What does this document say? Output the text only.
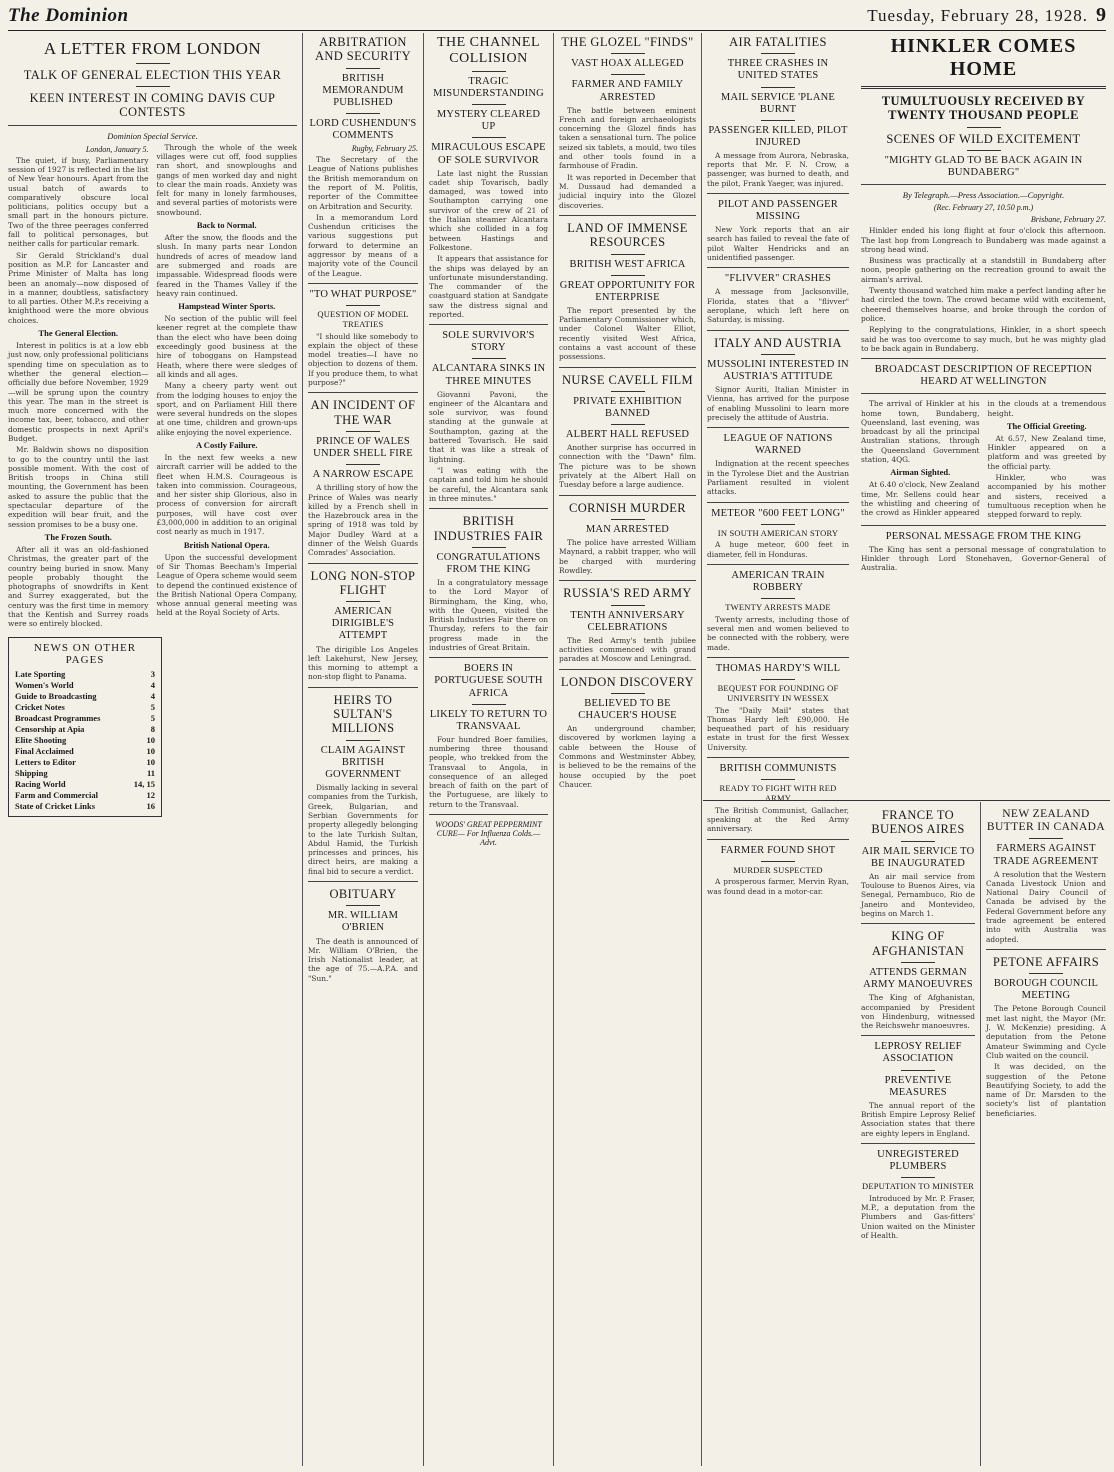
The Dominion	Tuesday, February 28, 1928. 9
A LETTER FROM LONDON
TALK OF GENERAL ELECTION THIS YEAR
KEEN INTEREST IN COMING DAVIS CUP CONTESTS
Dominion Special Service.
London, January 5.

The quiet, if busy, Parliamentary session of 1927 is reflected in the list of New Year honours. Apart from the usual batch of awards to comparatively obscure local politicians, politics occupy but a small part in the honours picture. Two of the three peerages conferred fall to political personages, but neither calls for particular remark.

Sir Gerald Strickland's dual position as M.P. for Lancaster and Prime Minister of Malta has long been an anomaly—now disposed of in a manner, doubtless, satisfactory to all parties. Other M.P.s receiving a knighthood were the more obvious choices.

The General Election.

Interest in politics is at a low ebb just now, only professional politicians spending time on speculation as to whether the general election—officially due before November, 1929—will be sprung upon the country this year. The man in the street is much more concerned with the income tax, beer, tobacco, and other domestic prospects in next April's Budget.

Mr. Baldwin shows no disposition to go to the country until the last possible moment. With the cost of British troops in China still mounting, the Government has been asked to assure the public that the spectacular departure of the expedition will bear fruit, and the session promises to be a busy one.

The Frozen South.

After all it was an old-fashioned Christmas, the greater part of the country being buried in snow. Many people probably thought the photographs of snowdrifts in Kent and Surrey exaggerated, but the century was the first time in memory that the Kentish and Surrey roads were so entirely blocked.

Through the whole of the week villages were cut off, food supplies ran short, and snowploughs and gangs of men worked day and night to clear the main roads. Anxiety was felt for many in lonely farmhouses, and several parties of motorists were snowbound.

Back to Normal.

After the snow, the floods and the slush. In many parts near London hundreds of acres of meadow land are submerged and roads are impassable. Widespread floods were feared in the Thames Valley if the heavy rain continued.

Hampstead Winter Sports.

No section of the public will feel keener regret at the complete thaw than the elect who have been doing exceedingly good business at the hire of toboggans on Hampstead Heath, where there were sledges of all kinds and all ages.

Many a cheery party went out from the lodging houses to enjoy the sport, and on Parliament Hill there were several hundreds on the slopes at one time, children and grown-ups alike enjoying the novel experience.

A Costly Failure.

In the next few weeks a new aircraft carrier will be added to the fleet when H.M.S. Courageous is taken into commission. Courageous, and her sister ship Glorious, also in process of conversion for aircraft purposes, will have cost over £3,000,000 in addition to an original cost nearly as much in 1917.

British National Opera.

Upon the successful development of Sir Thomas Beecham's Imperial League of Opera scheme would seem to depend the continued existence of the British National Opera Company, whose annual general meeting was held at the Royal Society of Arts.

NEWS ON OTHER PAGES
Late Sporting	3
Women's World	4
Guide to Broadcasting	4
Cricket Notes	5
Broadcast Programmes	5
Censorship at Apia	8
Elite Shooting	10
Final Acclaimed	10
Letters to Editor	10
Shipping	11
Racing World	14, 15
Farm and Commercial	12
State of Cricket Links	16
ARBITRATION AND SECURITY
BRITISH MEMORANDUM PUBLISHED
LORD CUSHENDUN'S COMMENTS
Rugby, February 25.

The Secretary of the League of Nations publishes the British memorandum on the report of M. Politis, reporter of the Committee on Arbitration and Security.

In a memorandum Lord Cushendun criticises the various suggestions put forward to determine an aggressor by means of a majority vote of the Council of the League.

"TO WHAT PURPOSE"
QUESTION OF MODEL TREATIES

"I should like somebody to explain the object of these model treaties—I have no objection to dozens of them. If you produce them, to what purpose?"

AN INCIDENT OF THE WAR
PRINCE OF WALES UNDER SHELL FIRE
A NARROW ESCAPE

A thrilling story of how the Prince of Wales was nearly killed by a French shell in the Hazebrouck area in the spring of 1918 was told by Major Dudley Ward at a dinner of the Welsh Guards Comrades' Association.

LONG NON-STOP FLIGHT
AMERICAN DIRIGIBLE'S ATTEMPT

The dirigible Los Angeles left Lakehurst, New Jersey, this morning to attempt a non-stop flight to Panama.

HEIRS TO SULTAN'S MILLIONS
CLAIM AGAINST BRITISH GOVERNMENT

Dismally lacking in several companies from the Turkish, Greek, Bulgarian, and Serbian Governments for property allegedly belonging to the late Turkish Sultan, Abdul Hamid, the Turkish princesses and princes, his direct heirs, are making a final bid to secure a verdict.

OBITUARY
MR. WILLIAM O'BRIEN

The death is announced of Mr. William O'Brien, the Irish Nationalist leader, at the age of 75.—A.P.A. and "Sun."

THE CHANNEL COLLISION
TRAGIC MISUNDERSTANDING
MYSTERY CLEARED UP
MIRACULOUS ESCAPE OF SOLE SURVIVOR

Late last night the Russian cadet ship Tovarisch, badly damaged, was towed into Southampton carrying one survivor of the crew of 21 of the Italian steamer Alcantara which she collided in a fog between Hastings and Folkestone.

It appears that assistance for the ships was delayed by an unfortunate misunderstanding. The commander of the coastguard station at Sandgate saw the distress signal and reported.

SOLE SURVIVOR'S STORY
ALCANTARA SINKS IN THREE MINUTES

Giovanni Pavoni, the engineer of the Alcantara and sole survivor, was found standing at the gunwale at Southampton, gazing at the battered Tovarisch. He said that it was like a streak of lightning.

"I was eating with the captain and told him he should be careful, the Alcantara sank in three minutes."

BRITISH INDUSTRIES FAIR
CONGRATULATIONS FROM THE KING

In a congratulatory message to the Lord Mayor of Birmingham, the King, who, with the Queen, visited the British Industries Fair there on Thursday, refers to the fair progress made in the industries of Great Britain.

BOERS IN PORTUGUESE SOUTH AFRICA
LIKELY TO RETURN TO TRANSVAAL

Four hundred Boer families, numbering three thousand people, who trekked from the Transvaal to Angola, in consequence of an alleged breach of faith on the part of the Portuguese, are likely to return to the Transvaal.

WOODS' GREAT PEPPERMINT CURE— For Influenza Colds.—Advt.
THE GLOZEL "FINDS"
VAST HOAX ALLEGED
FARMER AND FAMILY ARRESTED

The battle between eminent French and foreign archaeologists concerning the Glozel finds has taken a sensational turn. The police seized six tablets, a mould, two tiles and other tools found in a farmhouse of Fradin.

It was reported in December that M. Dussaud had demanded a judicial inquiry into the Glozel discoveries.

LAND OF IMMENSE RESOURCES
BRITISH WEST AFRICA
GREAT OPPORTUNITY FOR ENTERPRISE

The report presented by the Parliamentary Commissioner which, under Colonel Walter Elliot, recently visited West Africa, contains a vast account of these possessions.

NURSE CAVELL FILM
PRIVATE EXHIBITION BANNED
ALBERT HALL REFUSED

Another surprise has occurred in connection with the "Dawn" film. The picture was to be shown privately at the Albert Hall on Tuesday before a large audience.

CORNISH MURDER
MAN ARRESTED

The police have arrested William Maynard, a rabbit trapper, who will be charged with murdering Rowdley.

RUSSIA'S RED ARMY
TENTH ANNIVERSARY CELEBRATIONS

The Red Army's tenth jubilee activities commenced with grand parades at Moscow and Leningrad.

LONDON DISCOVERY
BELIEVED TO BE CHAUCER'S HOUSE

An underground chamber, discovered by workmen laying a cable between the House of Commons and Westminster Abbey, is believed to be the remains of the house occupied by the poet Chaucer.

AIR FATALITIES
THREE CRASHES IN UNITED STATES
MAIL SERVICE 'PLANE BURNT
PASSENGER KILLED, PILOT INJURED

A message from Aurora, Nebraska, reports that Mr. F. N. Crow, a passenger, was burned to death, and the pilot, Frank Yaeger, was injured.

PILOT AND PASSENGER MISSING

New York reports that an air search has failed to reveal the fate of pilot Walter Hendricks and an unidentified passenger.

"FLIVVER" CRASHES

A message from Jacksonville, Florida, states that a "flivver" aeroplane, which left here on Saturday, is missing.

ITALY AND AUSTRIA
MUSSOLINI INTERESTED IN AUSTRIA'S ATTITUDE

Signor Auriti, Italian Minister in Vienna, has arrived for the purpose of enabling Mussolini to learn more precisely the attitude of Austria.

LEAGUE OF NATIONS WARNED

Indignation at the recent speeches in the Tyrolese Diet and the Austrian Parliament resulted in violent attacks.

METEOR "600 FEET LONG"
IN SOUTH AMERICAN STORY

A huge meteor, 600 feet in diameter, fell in Honduras.

AMERICAN TRAIN ROBBERY
TWENTY ARRESTS MADE

Twenty arrests, including those of several men and women believed to be connected with the robbery, were made.

THOMAS HARDY'S WILL
BEQUEST FOR FOUNDING OF UNIVERSITY IN WESSEX

The "Daily Mail" states that Thomas Hardy left £90,000. He bequeathed part of his residuary estate in trust for the first Wessex University.

BRITISH COMMUNISTS
READY TO FIGHT WITH RED ARMY

The British Communist, Gallacher, speaking at the Red Army anniversary.

FARMER FOUND SHOT
MURDER SUSPECTED

A prosperous farmer, Mervin Ryan, was found dead in a motor-car.

HINKLER COMES HOME
TUMULTUOUSLY RECEIVED BY TWENTY THOUSAND PEOPLE
SCENES OF WILD EXCITEMENT
"MIGHTY GLAD TO BE BACK AGAIN IN BUNDABERG"
By Telegraph.—Press Association.—Copyright.
(Rec. February 27, 10.50 p.m.)
Brisbane, February 27.

Hinkler ended his long flight at four o'clock this afternoon. The last hop from Longreach to Bundaberg was made against a strong head wind.

Business was practically at a standstill in Bundaberg after noon, people gathering on the recreation ground to await the airman's arrival.

Twenty thousand watched him make a perfect landing after he had circled the town. The crowd became wild with excitement, cheered themselves hoarse, and broke through the cordon of police.

Replying to the congratulations, Hinkler, in a short speech said he was too overcome to say much, but he was mighty glad to be back again in Bundaberg.

BROADCAST DESCRIPTION OF RECEPTION HEARD AT WELLINGTON

The arrival of Hinkler at his home town, Bundaberg, Queensland, last evening, was broadcast by all the principal Australian stations, through the Queensland Government station, 4QG.

Airman Sighted.

At 6.40 o'clock, New Zealand time, Mr. Sellens could hear the whistling and cheering of the crowd as Hinkler appeared in the clouds at a tremendous height.

The Official Greeting.

At 6.57, New Zealand time, Hinkler appeared on a platform and was greeted by the official party.

Hinkler, who was accompanied by his mother and sisters, received a tumultuous reception when he stepped forward to reply.

PERSONAL MESSAGE FROM THE KING

The King has sent a personal message of congratulation to Hinkler through Lord Stonehaven, Governor-General of Australia.

FRANCE TO BUENOS AIRES
AIR MAIL SERVICE TO BE INAUGURATED

An air mail service from Toulouse to Buenos Aires, via Senegal, Pernambuco, Rio de Janeiro and Montevideo, begins on March 1.

KING OF AFGHANISTAN
ATTENDS GERMAN ARMY MANOEUVRES

The King of Afghanistan, accompanied by President von Hindenburg, witnessed the Reichswehr manoeuvres.

LEPROSY RELIEF ASSOCIATION
PREVENTIVE MEASURES

The annual report of the British Empire Leprosy Relief Association states that there are eighty lepers in England.

UNREGISTERED PLUMBERS
DEPUTATION TO MINISTER

Introduced by Mr. P. Fraser, M.P., a deputation from the Plumbers and Gas-fitters' Union waited on the Minister of Health.

NEW ZEALAND BUTTER IN CANADA
FARMERS AGAINST TRADE AGREEMENT

A resolution that the Western Canada Livestock Union and National Dairy Council of Canada be advised by the Federal Government before any trade agreement be entered into with Australia was adopted.

PETONE AFFAIRS
BOROUGH COUNCIL MEETING

The Petone Borough Council met last night, the Mayor (Mr. J. W. McKenzie) presiding. A deputation from the Petone Amateur Swimming and Cycle Club waited on the council.

It was decided, on the suggestion of the Petone Beautifying Society, to add the name of Dr. Marsden to the society's list of plantation beneficiaries.
